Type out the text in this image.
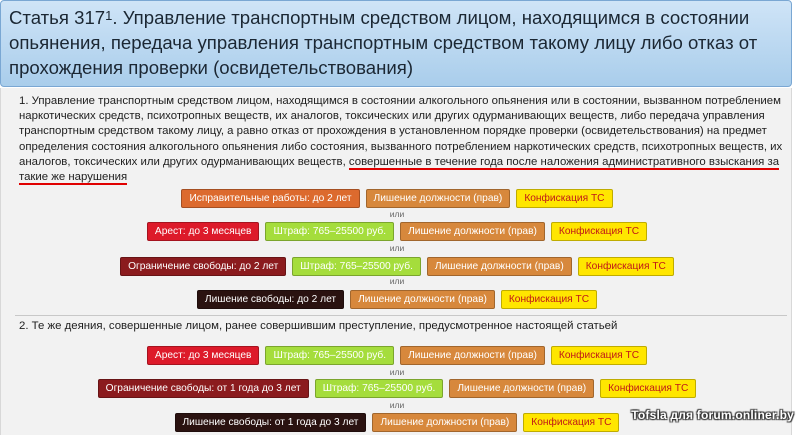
Статья $317^1$. Управление транспортным средством лицом, находящимся в состоянии опьянения, передача управления транспортным средством такому лицу либо отказ от прохождения проверки (освидетельствования)
1. Управление транспортным средством лицом, находящимся в состоянии алкогольного опьянения или в состоянии, вызванном потреблением наркотических средств, психотропных веществ, их аналогов, токсических или других одурманивающих веществ, либо передача управления транспортным средством такому лицу, а равно отказ от прохождения в установленном порядке проверки (освидетельствования) на предмет определения состояния алкогольного опьянения либо состояния, вызванного потреблением наркотических средств, психотропных веществ, их аналогов, токсических или других одурманивающих веществ, совершенные в течение года после наложения административного взыскания за такие же нарушения
Исправительные работы: до 2 лет Лишение должности (прав) Конфискация ТС
или
Арест: до 3 месяцев Штраф: 765–25500 руб. Лишение должности (прав) Конфискация ТС
или
Ограничение свободы: до 2 лет Штраф: 765–25500 руб. Лишение должности (прав) Конфискация ТС
или
Лишение свободы: до 2 лет Лишение должности (прав) Конфискация ТС
2. Те же деяния, совершенные лицом, ранее совершившим преступление, предусмотренное настоящей статьей
Арест: до 3 месяцев Штраф: 765–25500 руб. Лишение должности (прав) Конфискация ТС
или
Ограничение свободы: от 1 года до 3 лет Штраф: 765–25500 руб. Лишение должности (прав) Конфискация ТС
или
Лишение свободы: от 1 года до 3 лет Лишение должности (прав) Конфискация ТС
Tofsla для forum.onliner.by
